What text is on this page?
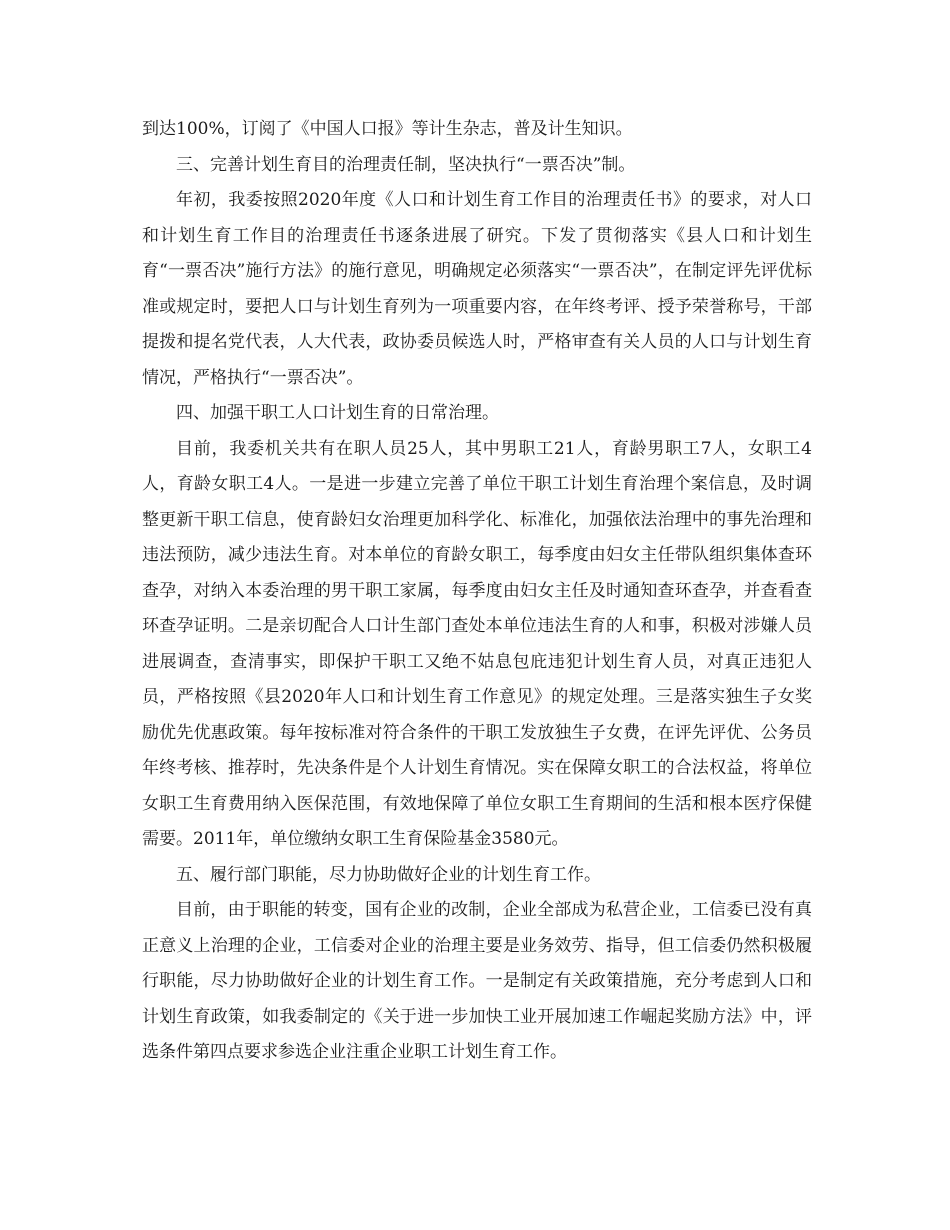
到达100%，订阅了《中国人口报》等计生杂志，普及计生知识。

三、完善计划生育目的治理责任制，坚决执行“一票否决”制。

年初，我委按照2020年度《人口和计划生育工作目的治理责任书》的要求，对人口和计划生育工作目的治理责任书逐条进展了研究。下发了贯彻落实《县人口和计划生育“一票否决”施行方法》的施行意见，明确规定必须落实“一票否决”，在制定评先评优标准或规定时，要把人口与计划生育列为一项重要内容，在年终考评、授予荣誉称号，干部提拨和提名党代表，人大代表，政协委员候选人时，严格审查有关人员的人口与计划生育情况，严格执行“一票否决”。

四、加强干职工人口计划生育的日常治理。

目前，我委机关共有在职人员25人，其中男职工21人，育龄男职工7人，女职工4人，育龄女职工4人。一是进一步建立完善了单位干职工计划生育治理个案信息，及时调整更新干职工信息，使育龄妇女治理更加科学化、标准化，加强依法治理中的事先治理和违法预防，减少违法生育。对本单位的育龄女职工，每季度由妇女主任带队组织集体查环查孕，对纳入本委治理的男干职工家属，每季度由妇女主任及时通知查环查孕，并查看查环查孕证明。二是亲切配合人口计生部门查处本单位违法生育的人和事，积极对涉嫌人员进展调查，查清事实，即保护干职工又绝不姑息包庇违犯计划生育人员，对真正违犯人员，严格按照《县2020年人口和计划生育工作意见》的规定处理。三是落实独生子女奖励优先优惠政策。每年按标准对符合条件的干职工发放独生子女费，在评先评优、公务员年终考核、推荐时，先决条件是个人计划生育情况。实在保障女职工的合法权益，将单位女职工生育费用纳入医保范围，有效地保障了单位女职工生育期间的生活和根本医疗保健需要。2011年，单位缴纳女职工生育保险基金3580元。

五、履行部门职能，尽力协助做好企业的计划生育工作。

目前，由于职能的转变，国有企业的改制，企业全部成为私营企业，工信委已没有真正意义上治理的企业，工信委对企业的治理主要是业务效劳、指导，但工信委仍然积极履行职能，尽力协助做好企业的计划生育工作。一是制定有关政策措施，充分考虑到人口和计划生育政策，如我委制定的《关于进一步加快工业开展加速工作崛起奖励方法》中，评选条件第四点要求参选企业注重企业职工计划生育工作。
